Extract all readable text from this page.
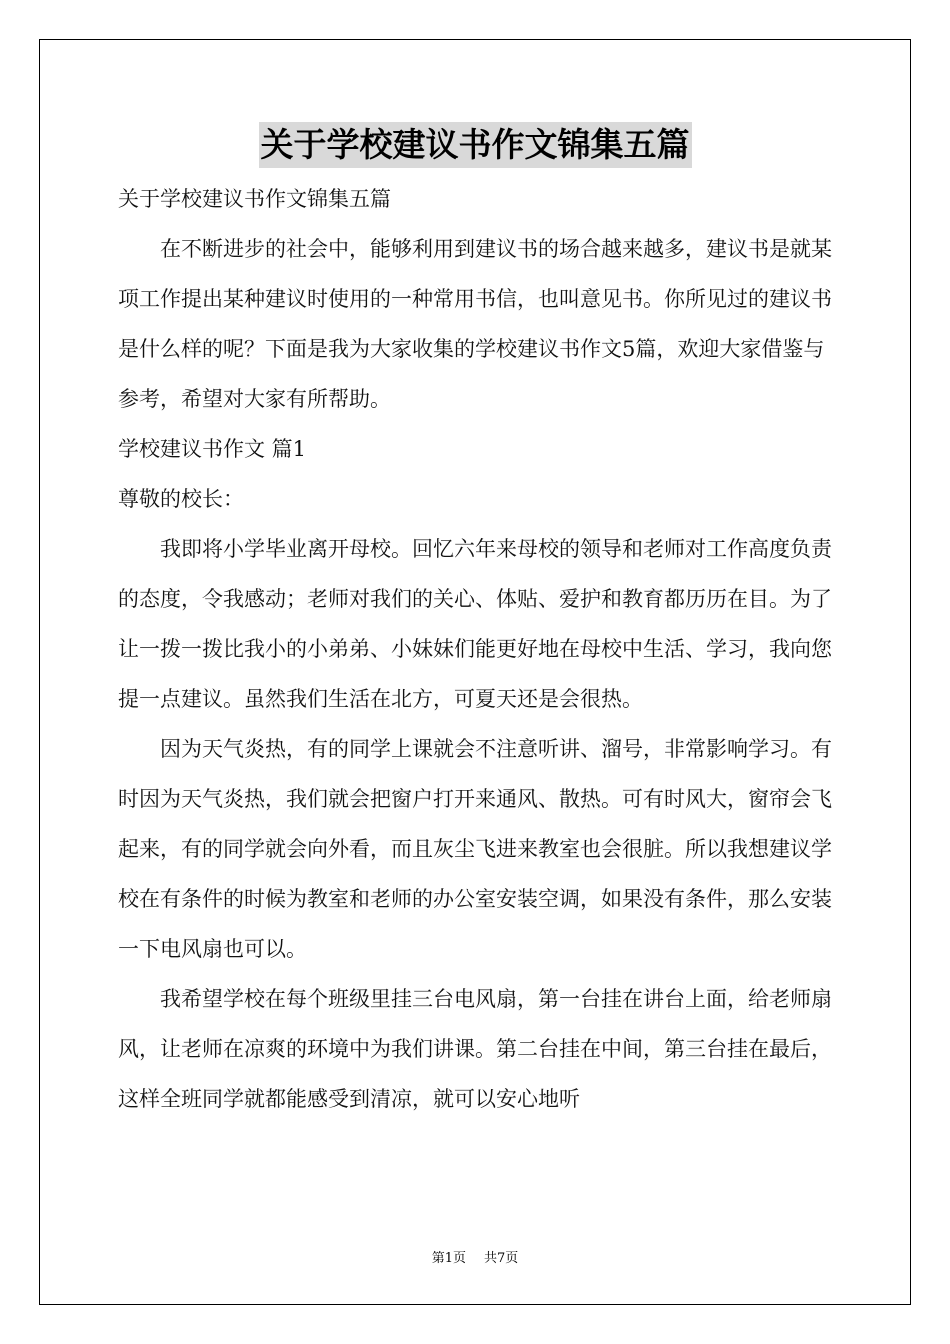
关于学校建议书作文锦集五篇

关于学校建议书作文锦集五篇

在不断进步的社会中，能够利用到建议书的场合越来越多，建议书是就某项工作提出某种建议时使用的一种常用书信，也叫意见书。你所见过的建议书是什么样的呢？下面是我为大家收集的学校建议书作文5篇，欢迎大家借鉴与参考，希望对大家有所帮助。

学校建议书作文 篇1

尊敬的校长：

我即将小学毕业离开母校。回忆六年来母校的领导和老师对工作高度负责的态度，令我感动；老师对我们的关心、体贴、爱护和教育都历历在目。为了让一拨一拨比我小的小弟弟、小妹妹们能更好地在母校中生活、学习，我向您提一点建议。虽然我们生活在北方，可夏天还是会很热。

因为天气炎热，有的同学上课就会不注意听讲、溜号，非常影响学习。有时因为天气炎热，我们就会把窗户打开来通风、散热。可有时风大，窗帘会飞起来，有的同学就会向外看，而且灰尘飞进来教室也会很脏。所以我想建议学校在有条件的时候为教室和老师的办公室安装空调，如果没有条件，那么安装一下电风扇也可以。

我希望学校在每个班级里挂三台电风扇，第一台挂在讲台上面，给老师扇风，让老师在凉爽的环境中为我们讲课。第二台挂在中间，第三台挂在最后，这样全班同学就都能感受到清凉，就可以安心地听

第1页 共7页
